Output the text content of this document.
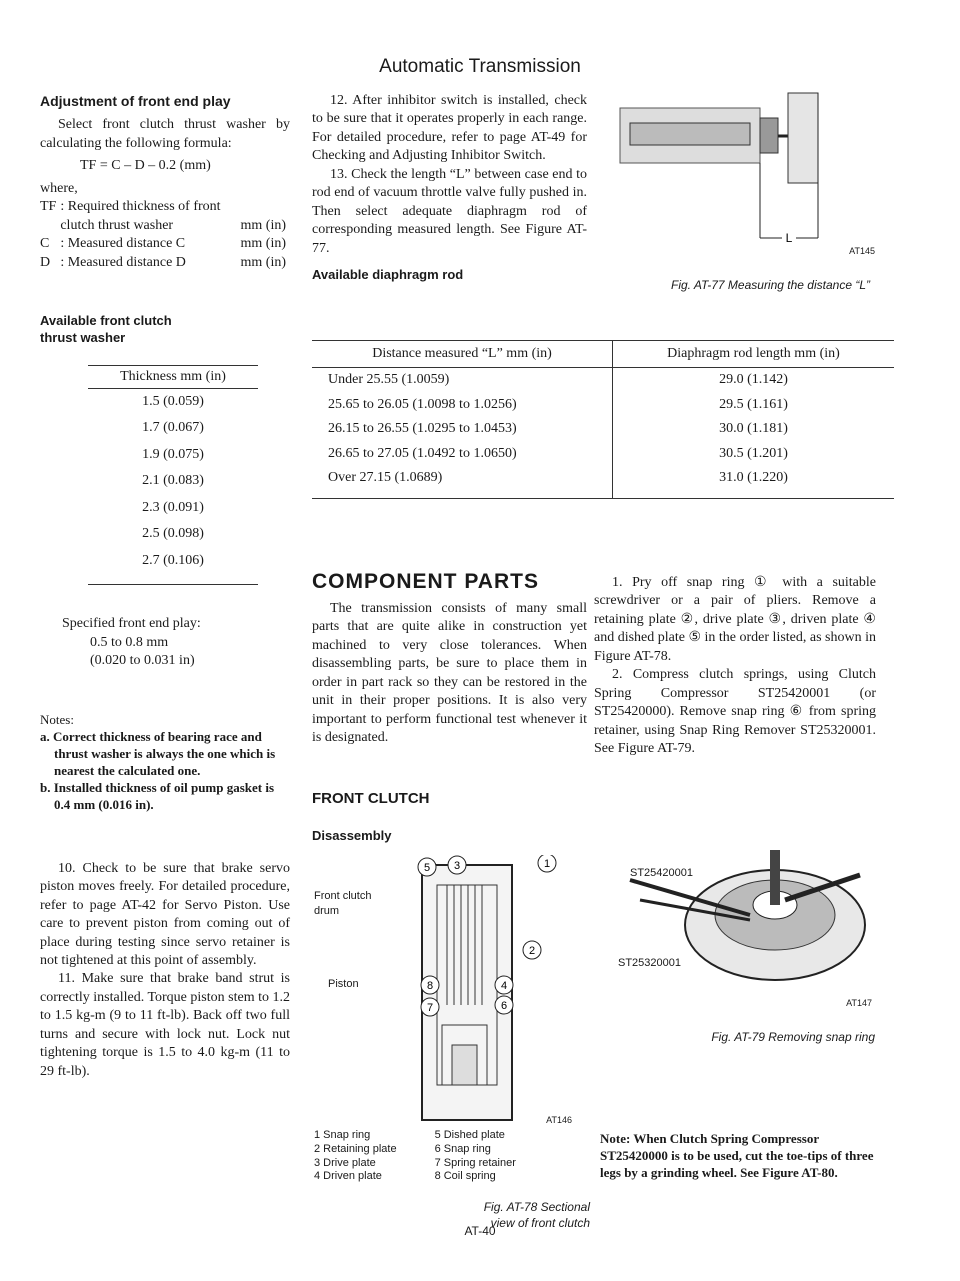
Automatic Transmission
Adjustment of front end play

Select front clutch thrust washer by calculating the following formula:

TF = C – D – 0.2 (mm)

where,

TF	: Required thickness of front clutch thrust washer	mm (in)
C	: Measured distance C	mm (in)
D	: Measured distance D	mm (in)

Available front clutch thrust washer

Thickness mm (in)
1.5 (0.059)
1.7 (0.067)
1.9 (0.075)
2.1 (0.083)
2.3 (0.091)
2.5 (0.098)
2.7 (0.106)

Specified front end play:

0.5 to 0.8 mm

(0.020 to 0.031 in)

Notes:

a. Correct thickness of bearing race and thrust washer is always the one which is nearest the calculated one.

b. Installed thickness of oil pump gasket is 0.4 mm (0.016 in).

10. Check to be sure that brake servo piston moves freely. For detailed procedure, refer to page AT-42 for Servo Piston. Use care to prevent piston from coming out of place during testing since servo retainer is not tightened at this point of assembly.

11. Make sure that brake band strut is correctly installed. Torque piston stem to 1.2 to 1.5 kg-m (9 to 11 ft-lb). Back off two full turns and secure with lock nut. Lock nut tightening torque is 1.5 to 4.0 kg-m (11 to 29 ft-lb).

12. After inhibitor switch is installed, check to be sure that it operates properly in each range. For detailed procedure, refer to page AT-49 for Checking and Adjusting Inhibitor Switch.

13. Check the length “L” between case end to rod end of vacuum throttle valve fully pushed in. Then select adequate diaphragm rod of corresponding measured length. See Figure AT-77.

Available diaphragm rod

L
AT145
Fig. AT-77 Measuring the distance “L”
Distance measured “L” mm (in)	Diaphragm rod length mm (in)
Under 25.55 (1.0059)	29.0 (1.142)
25.65 to 26.05 (1.0098 to 1.0256)	29.5 (1.161)
26.15 to 26.55 (1.0295 to 1.0453)	30.0 (1.181)
26.65 to 27.05 (1.0492 to 1.0650)	30.5 (1.201)
Over 27.15 (1.0689)	31.0 (1.220)
COMPONENT PARTS

The transmission consists of many small parts that are quite alike in construction yet machined to very close tolerances. When disassembling parts, be sure to place them in order in part rack so they can be restored in the unit in their proper positions. It is also very important to perform functional test whenever it is designated.

FRONT CLUTCH
Disassembly
Front clutch drum
Piston
5 3	1
2
4
6
8
7
AT146
1 Snap ring	5 Dished plate
2 Retaining plate	6 Snap ring
3 Drive plate	7 Spring retainer
4 Driven plate	8 Coil spring
Fig. AT-78 Sectional view of front clutch

1. Pry off snap ring ① with a suitable screwdriver or a pair of pliers. Remove a retaining plate ②, drive plate ③, driven plate ④ and dished plate ⑤ in the order listed, as shown in Figure AT-78.

2. Compress clutch springs, using Clutch Spring Compressor ST25420001 (or ST25420000). Remove snap ring ⑥ from spring retainer, using Snap Ring Remover ST25320001. See Figure AT-79.

ST25420001
ST25320001
AT147
Fig. AT-79 Removing snap ring
Note: When Clutch Spring Compressor ST25420000 is to be used, cut the toe-tips of three legs by a grinding wheel. See Figure AT-80.
AT-40
